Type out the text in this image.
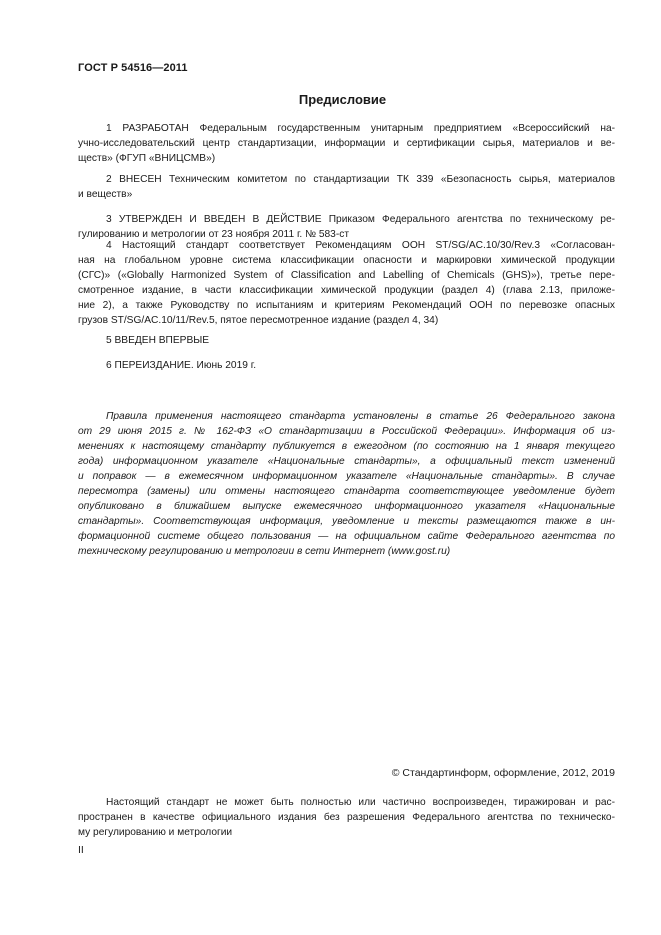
ГОСТ Р 54516—2011
Предисловие
1 РАЗРАБОТАН Федеральным государственным унитарным предприятием «Всероссийский на-
учно-исследовательский центр стандартизации, информации и сертификации сырья, материалов и ве-
ществ» (ФГУП «ВНИЦСМВ»)
2 ВНЕСЕН Техническим комитетом по стандартизации ТК 339 «Безопасность сырья, материалов
и веществ»
3 УТВЕРЖДЕН И ВВЕДЕН В ДЕЙСТВИЕ Приказом Федерального агентства по техническому ре-
гулированию и метрологии от 23 ноября 2011 г. № 583-ст
4 Настоящий стандарт соответствует Рекомендациям ООН ST/SG/AC.10/30/Rev.3 «Согласован-
ная на глобальном уровне система классификации опасности и маркировки химической продукции
(СГС)» («Globally Harmonized System of Classification and Labelling of Chemicals (GHS)»), третье пере-
смотренное издание, в части классификации химической продукции (раздел 4) (глава 2.13, приложе-
ние 2), а также Руководству по испытаниям и критериям Рекомендаций ООН по перевозке опасных
грузов ST/SG/AC.10/11/Rev.5, пятое пересмотренное издание (раздел 4, 34)
5 ВВЕДЕН ВПЕРВЫЕ
6 ПЕРЕИЗДАНИЕ. Июнь 2019 г.
Правила применения настоящего стандарта установлены в статье 26 Федерального закона
от 29 июня 2015 г. № 162-ФЗ «О стандартизации в Российской Федерации». Информация об из-
менениях к настоящему стандарту публикуется в ежегодном (по состоянию на 1 января текущего
года) информационном указателе «Национальные стандарты», а официальный текст изменений
и поправок — в ежемесячном информационном указателе «Национальные стандарты». В случае
пересмотра (замены) или отмены настоящего стандарта соответствующее уведомление будет
опубликовано в ближайшем выпуске ежемесячного информационного указателя «Национальные
стандарты». Соответствующая информация, уведомление и тексты размещаются также в ин-
формационной системе общего пользования — на официальном сайте Федерального агентства по
техническому регулированию и метрологии в сети Интернет (www.gost.ru)
© Стандартинформ, оформление, 2012, 2019
Настоящий стандарт не может быть полностью или частично воспроизведен, тиражирован и рас-
пространен в качестве официального издания без разрешения Федерального агентства по техническо-
му регулированию и метрологии
II
